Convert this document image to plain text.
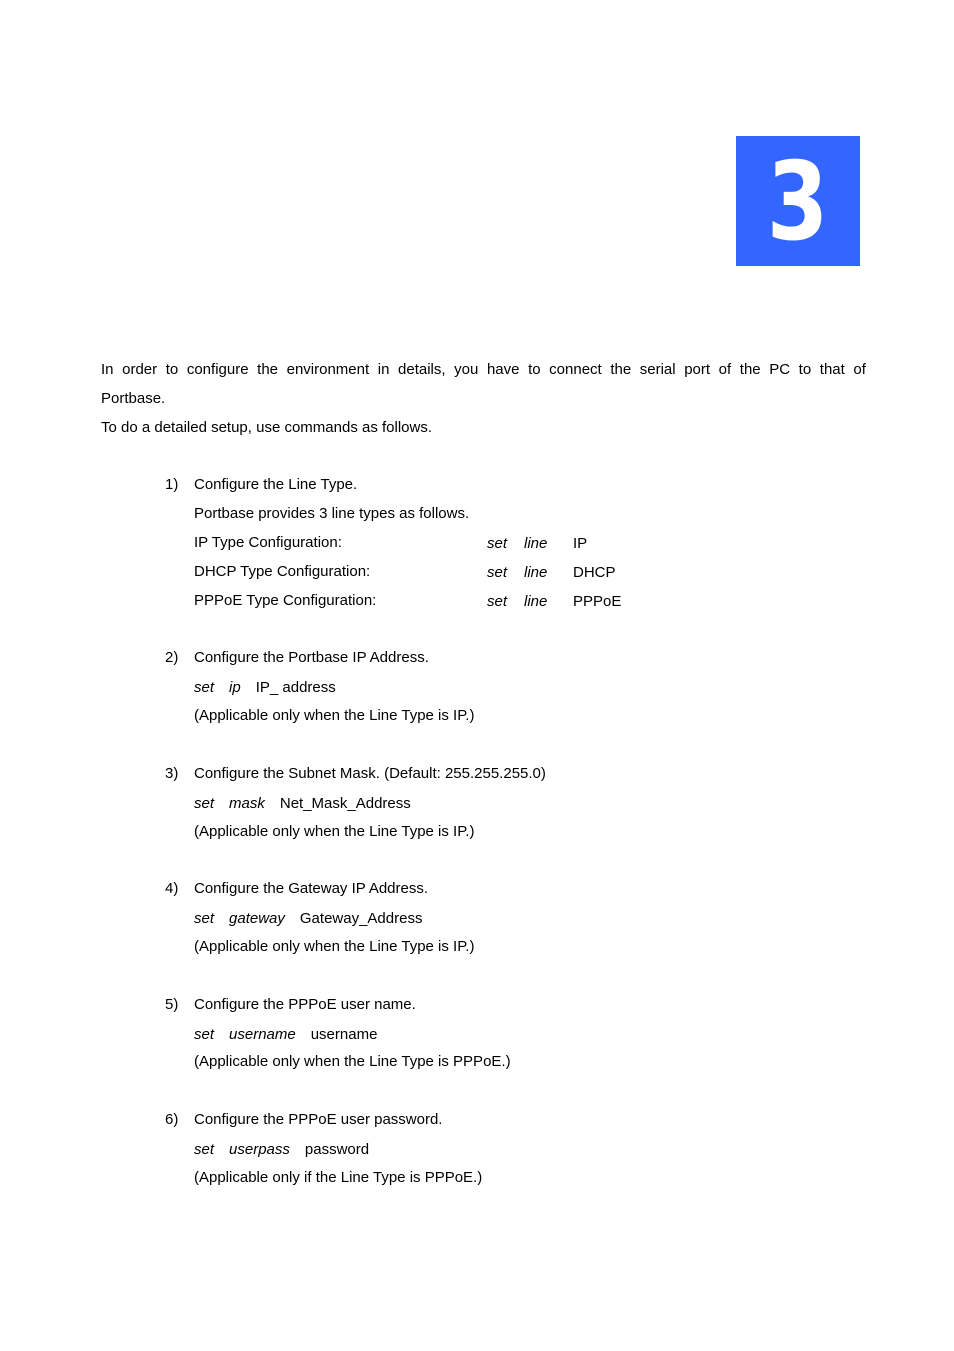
3
In order to configure the environment in details, you have to connect the serial port of the PC to that of
Portbase.
To do a detailed setup, use commands as follows.
1) Configure the Line Type.
Portbase provides 3 line types as follows.
IP Type Configuration:	set line IP
DHCP Type Configuration:	set line DHCP
PPPoE Type Configuration:	set line PPPoE
2) Configure the Portbase IP Address.
set ip IP_ address
(Applicable only when the Line Type is IP.)
3) Configure the Subnet Mask. (Default: 255.255.255.0)
set mask Net_Mask_Address
(Applicable only when the Line Type is IP.)
4) Configure the Gateway IP Address.
set gateway Gateway_Address
(Applicable only when the Line Type is IP.)
5) Configure the PPPoE user name.
set username username
(Applicable only when the Line Type is PPPoE.)
6) Configure the PPPoE user password.
set userpass password
(Applicable only if the Line Type is PPPoE.)
